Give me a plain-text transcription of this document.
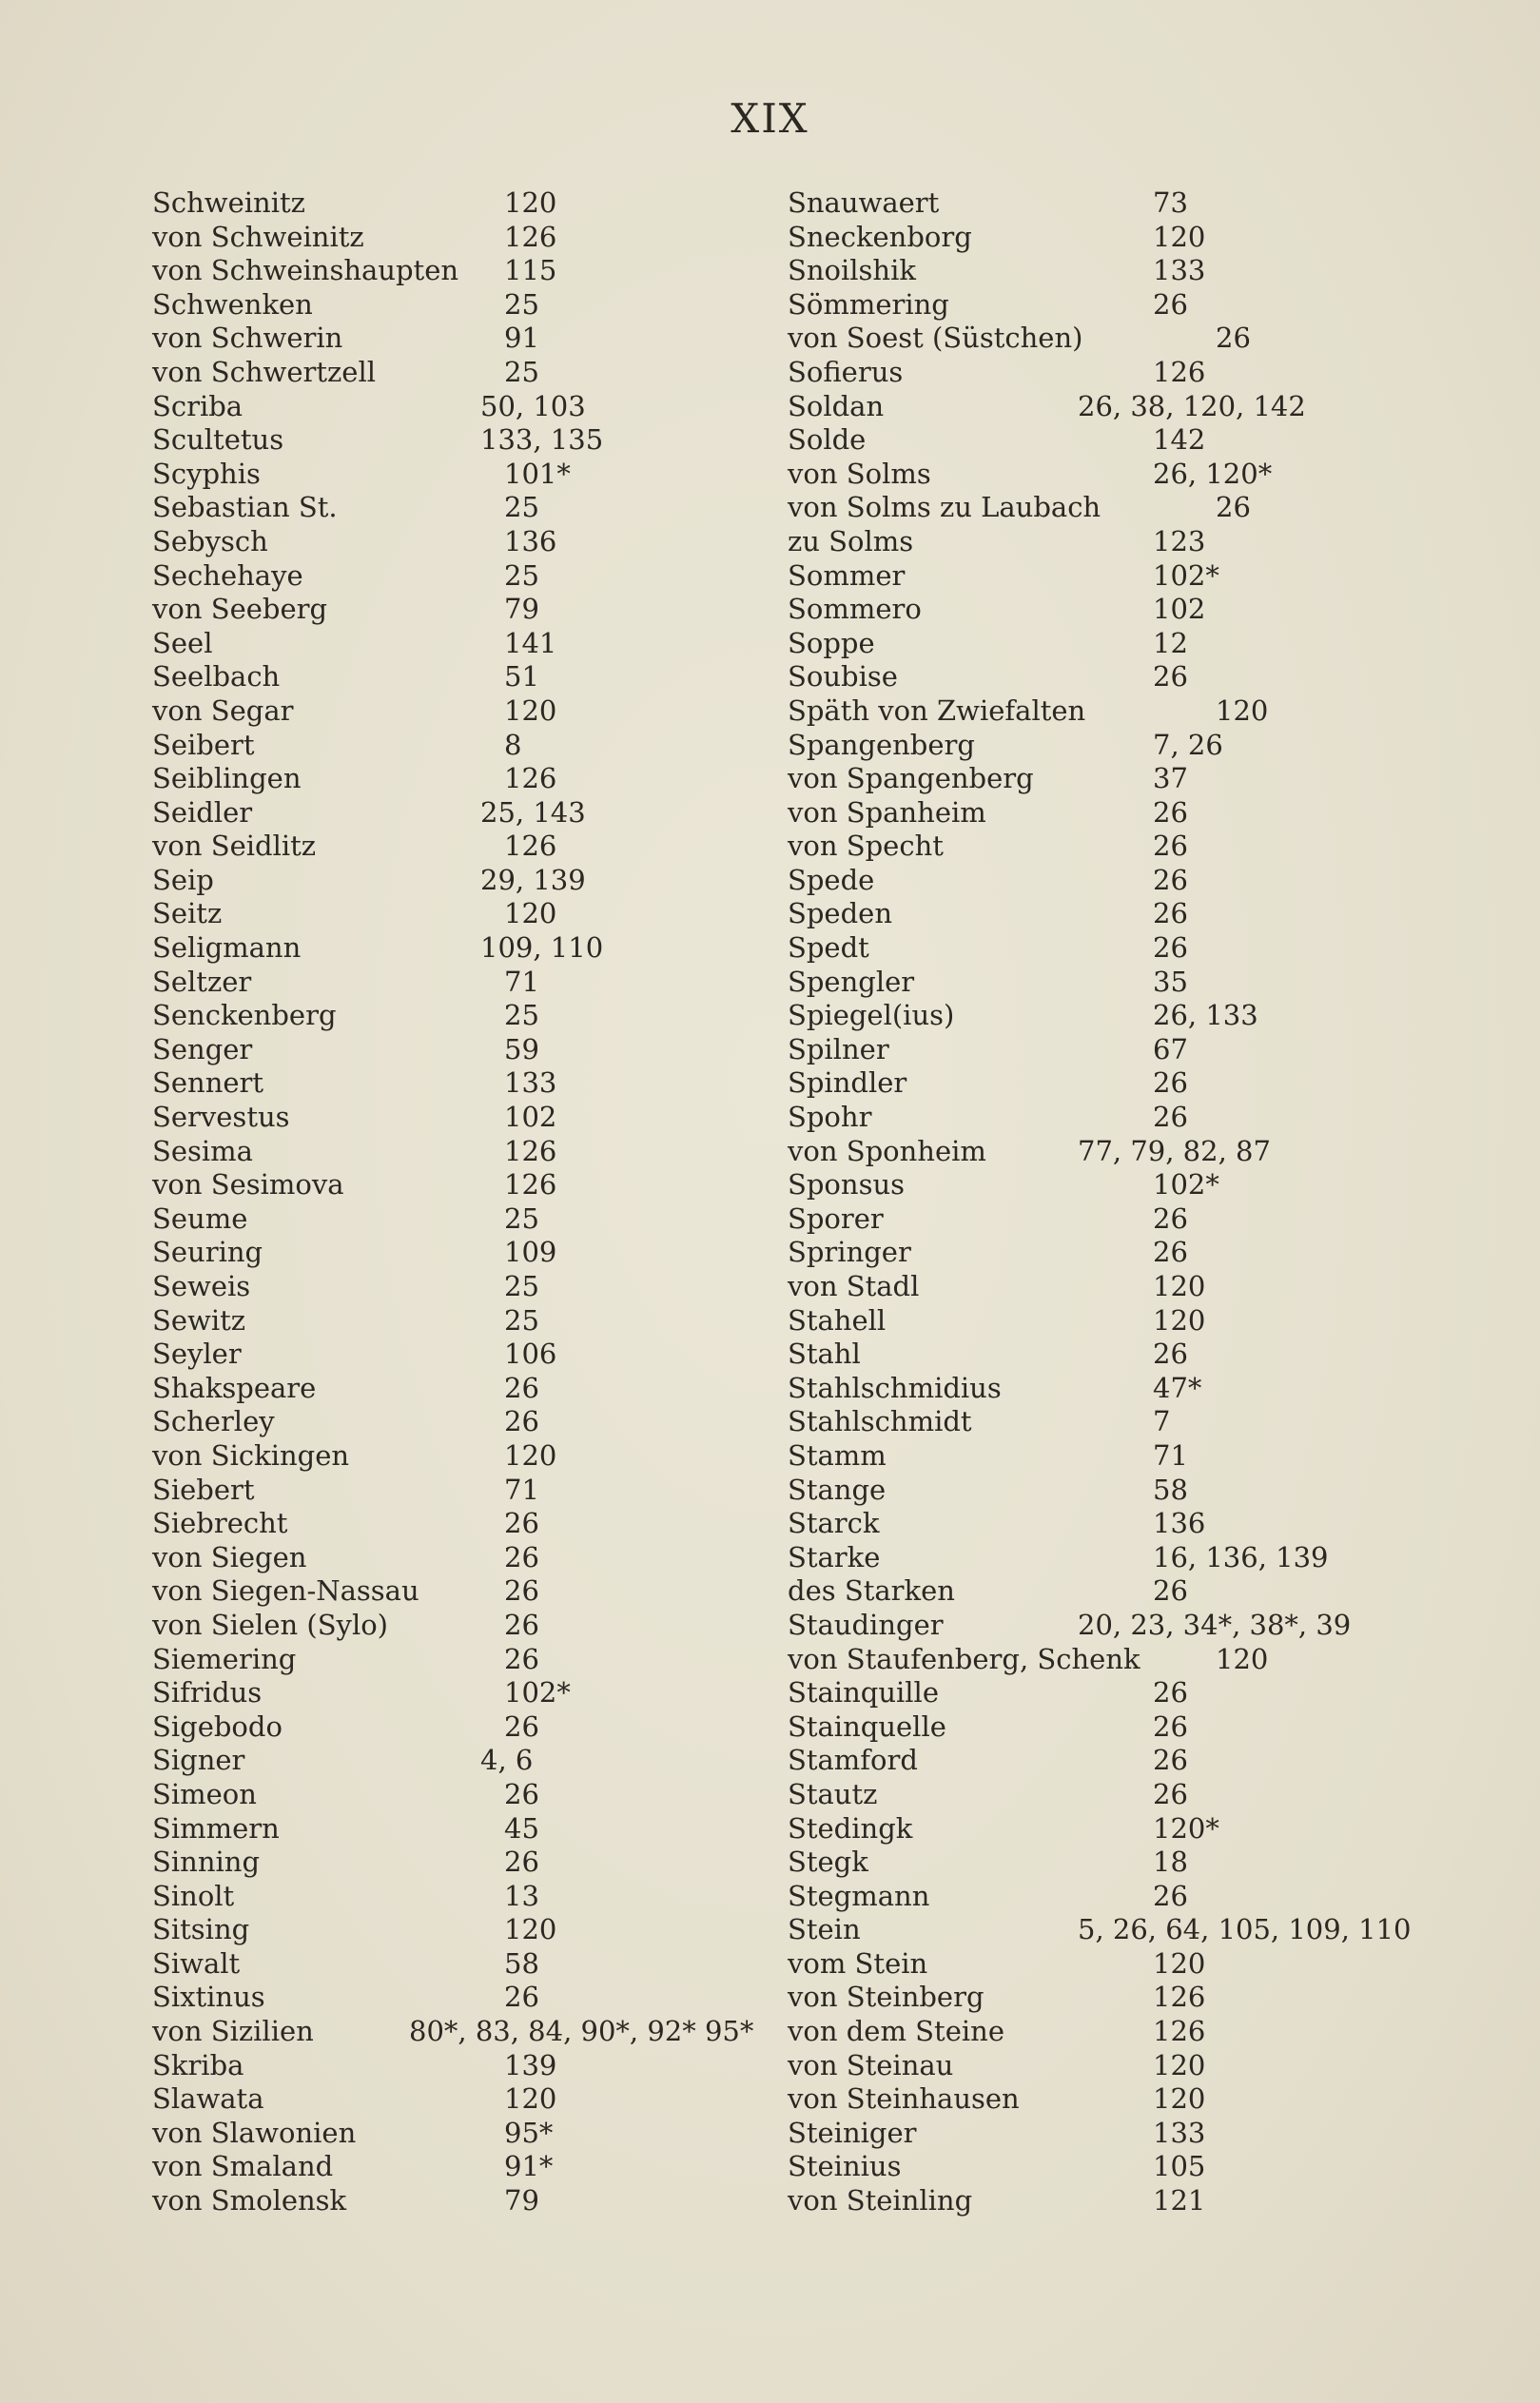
XIX
Schweinitz	120
von Schweinitz	126
von Schweinshaupten 115
Schwenken	25
von Schwerin	91
von Schwertzell	25
Scriba	50, 103
Scultetus	133, 135
Scyphis	101*
Sebastian St.	25
Sebysch	136
Sechehaye	25
von Seeberg	79
Seel	141
Seelbach	51
von Segar	120
Seibert	8
Seiblingen	126
Seidler	25, 143
von Seidlitz	126
Seip	29, 139
Seitz	120
Seligmann	109, 110
Seltzer	71
Senckenberg	25
Senger	59
Sennert	133
Servestus	102
Sesima	126
von Sesimova	126
Seume	25
Seuring	109
Seweis	25
Sewitz	25
Seyler	106
Shakspeare	26
Scherley	26
von Sickingen	120
Siebert	71
Siebrecht	26
von Siegen	26
von Siegen-Nassau	26
von Sielen (Sylo)	26
Siemering	26
Sifridus	102*
Sigebodo	26
Signer	4, 6
Simeon	26
Simmern	45
Sinning	26
Sinolt	13
Sitsing	120
Siwalt	58
Sixtinus	26
von Sizilien	80*, 83, 84, 90*, 92* 95*
Skriba	139
Slawata	120
von Slawonien	95*
von Smaland	91*
von Smolensk	79
Snauwaert	73
Sneckenborg	120
Snoilshik	133
Sömmering	26
von Soest (Süstchen)	26
Sofierus	126
Soldan	26, 38, 120, 142
Solde	142
von Solms	26, 120*
von Solms zu Laubach	26
zu Solms	123
Sommer	102*
Sommero	102
Soppe	12
Soubise	26
Späth von Zwiefalten	120
Spangenberg	7, 26
von Spangenberg	37
von Spanheim	26
von Specht	26
Spede	26
Speden	26
Spedt	26
Spengler	35
Spiegel(ius)	26, 133
Spilner	67
Spindler	26
Spohr	26
von Sponheim	77, 79, 82, 87
Sponsus	102*
Sporer	26
Springer	26
von Stadl	120
Stahell	120
Stahl	26
Stahlschmidius	47*
Stahlschmidt	7
Stamm	71
Stange	58
Starck	136
Starke	16, 136, 139
des Starken	26
Staudinger	20, 23, 34*, 38*, 39
von Staufenberg, Schenk	120
Stainquille	26
Stainquelle	26
Stamford	26
Stautz	26
Stedingk	120*
Stegk	18
Stegmann	26
Stein	5, 26, 64, 105, 109, 110
vom Stein	120
von Steinberg	126
von dem Steine	126
von Steinau	120
von Steinhausen	120
Steiniger	133
Steinius	105
von Steinling	121
